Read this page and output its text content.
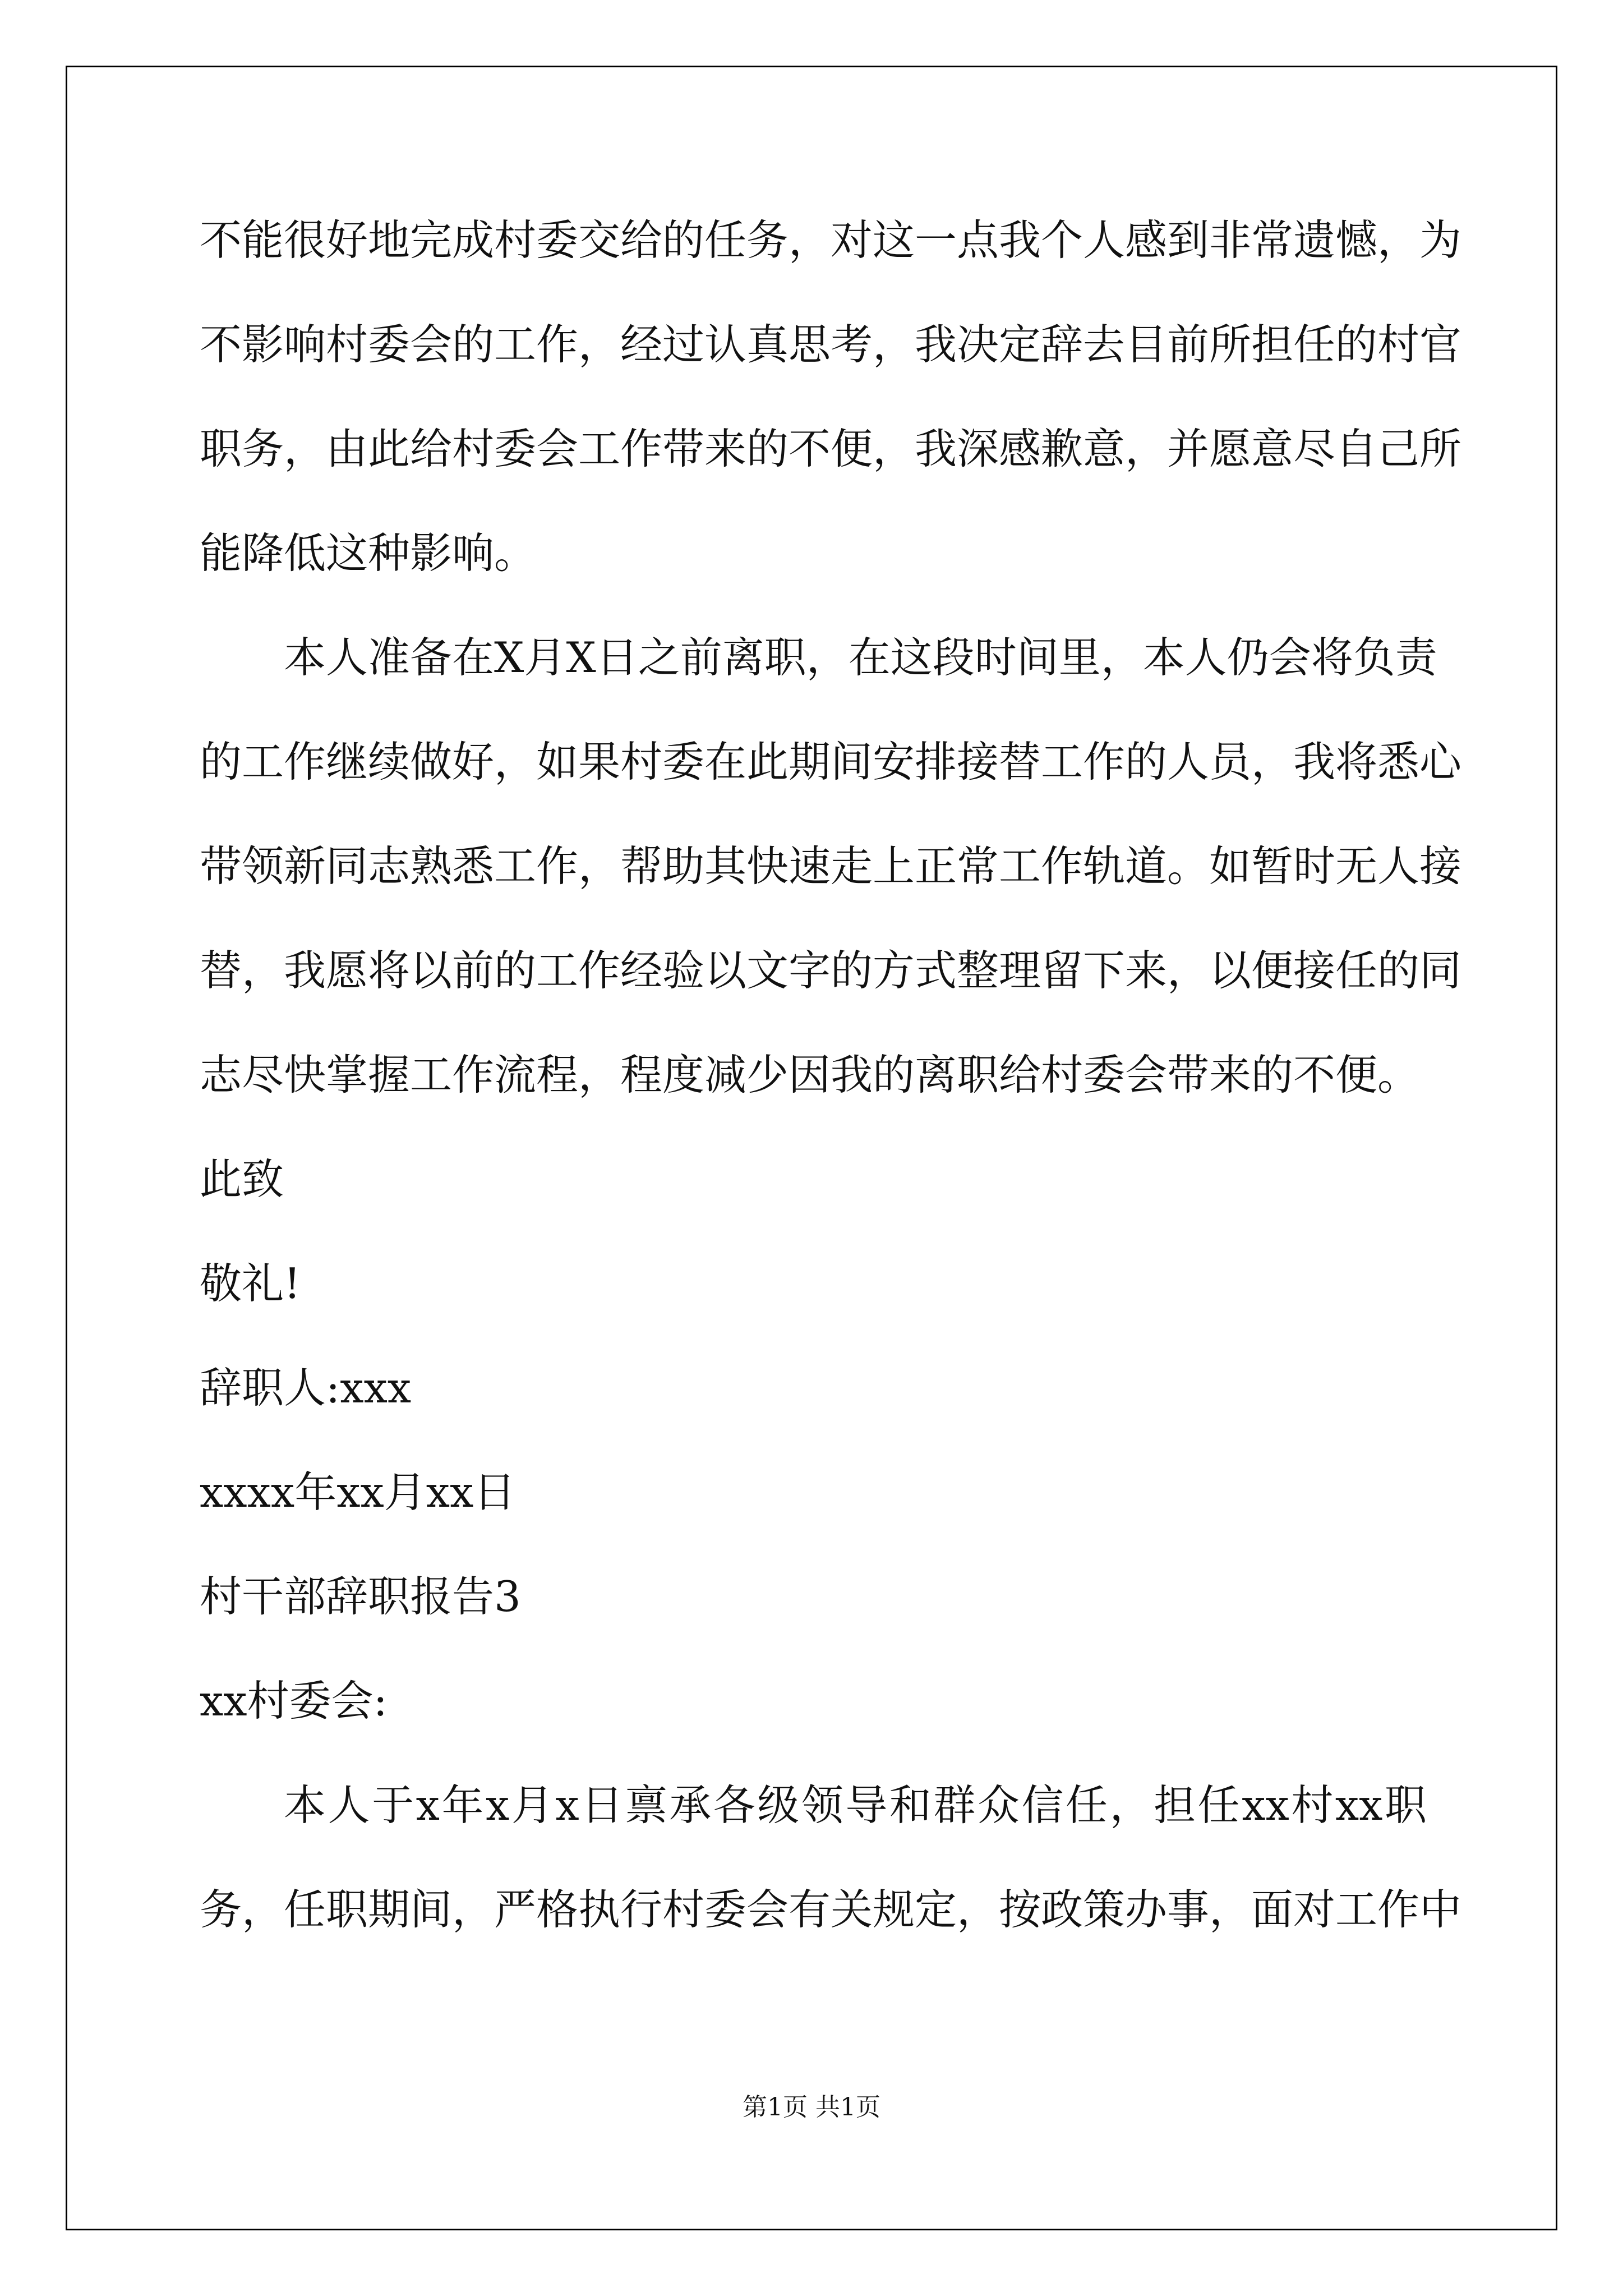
不能很好地完成村委交给的任务，对这一点我个人感到非常遗憾，为
不影响村委会的工作，经过认真思考，我决定辞去目前所担任的村官
职务，由此给村委会工作带来的不便，我深感歉意，并愿意尽自己所
能降低这种影响。
本人准备在X月X日之前离职，在这段时间里，本人仍会将负责
的工作继续做好，如果村委在此期间安排接替工作的人员，我将悉心
带领新同志熟悉工作，帮助其快速走上正常工作轨道。如暂时无人接
替，我愿将以前的工作经验以文字的方式整理留下来，以便接任的同
志尽快掌握工作流程，程度减少因我的离职给村委会带来的不便。
此致
敬礼!
辞职人:xxx
xxxx年xx月xx日
村干部辞职报告3
xx村委会:
本人于x年x月x日禀承各级领导和群众信任，担任xx村xx职
务，任职期间，严格执行村委会有关规定，按政策办事，面对工作中
第1页 共1页
